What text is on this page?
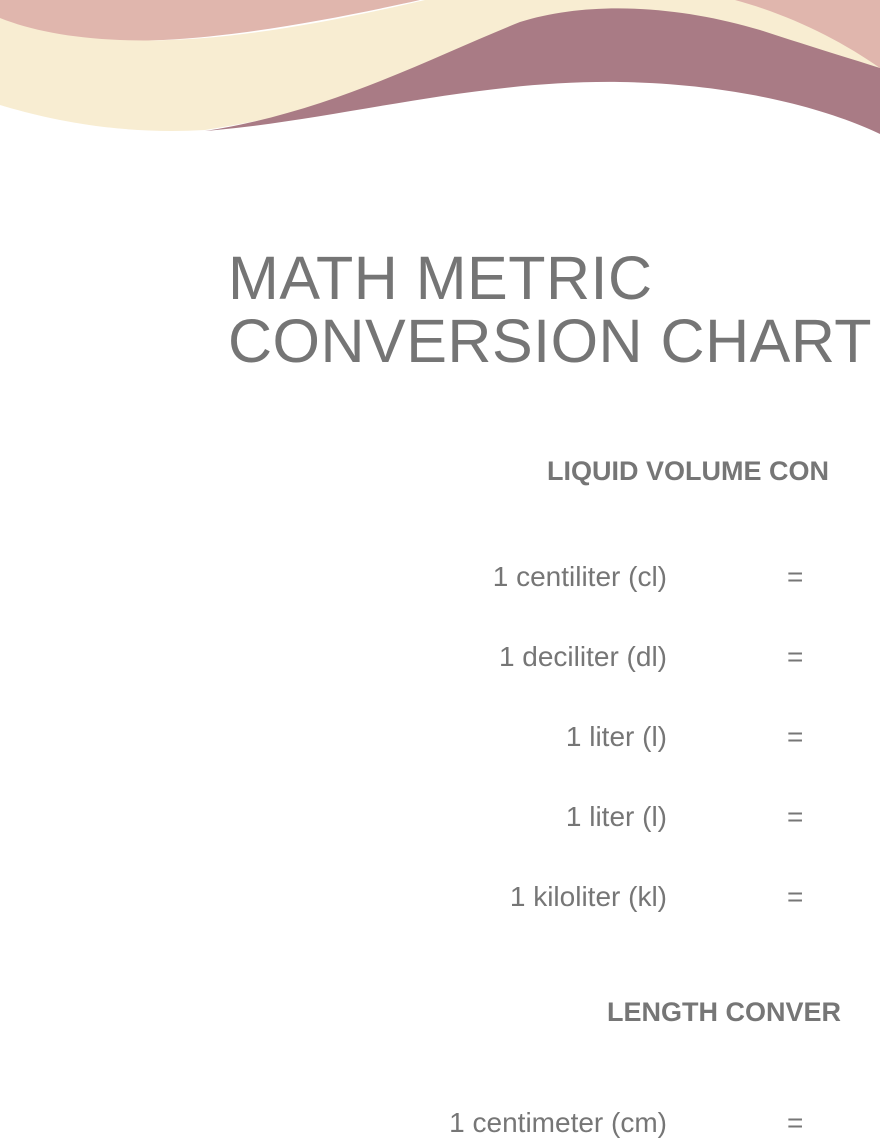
MATH METRIC
CONVERSION CHART
LIQUID VOLUME CON
1 centiliter (cl)	=
1 deciliter (dl)	=
1 liter (l)	=
1 liter (l)	=
1 kiloliter (kl)	=
LENGTH CONVER
1 centimeter (cm)	=
